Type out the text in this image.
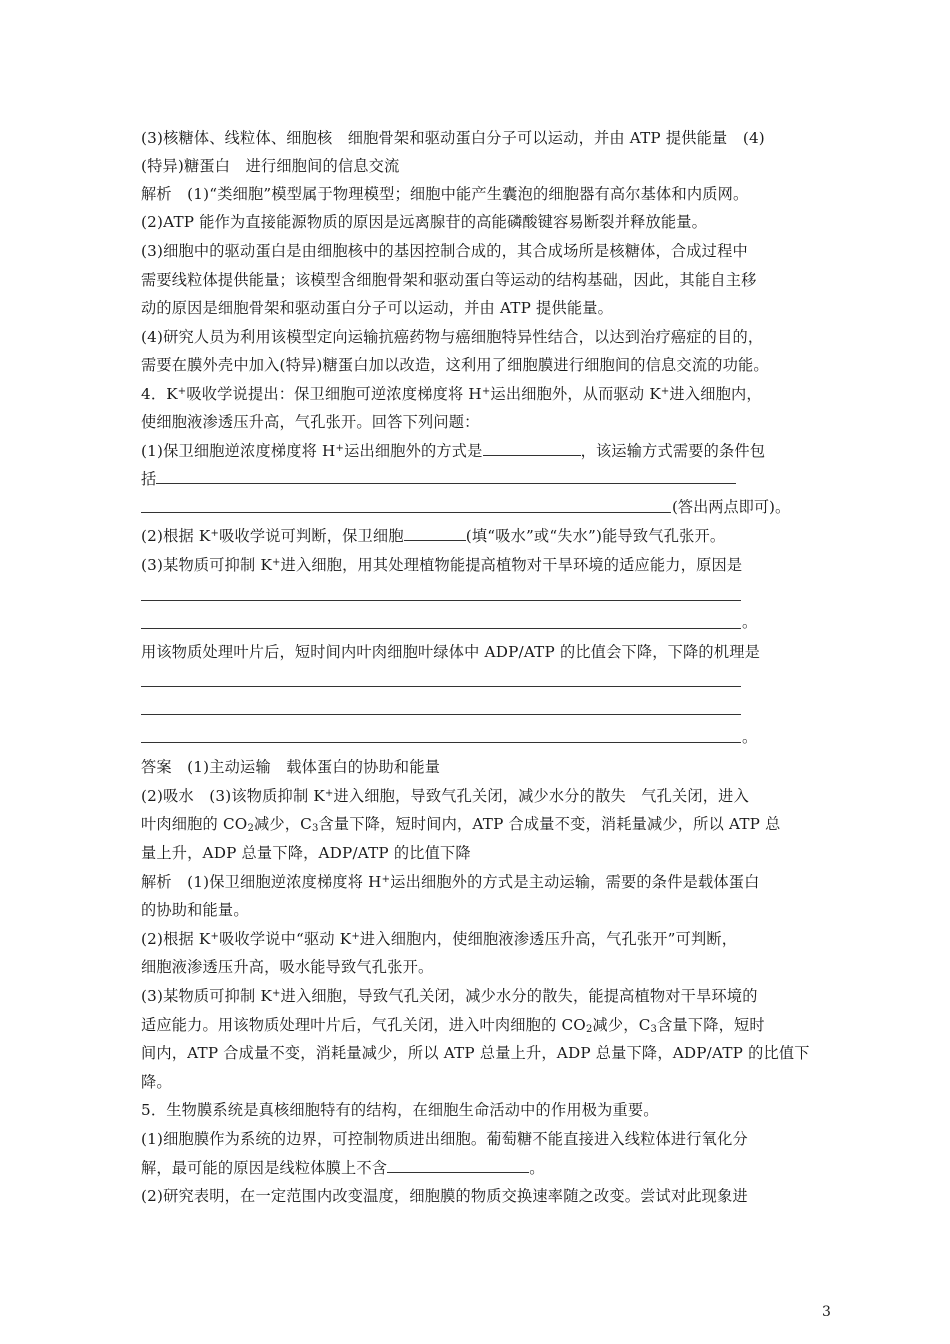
(3)核糖体、线粒体、细胞核　细胞骨架和驱动蛋白分子可以运动，并由 ATP 提供能量　(4)
(特异)糖蛋白　进行细胞间的信息交流
解析　(1)“类细胞”模型属于物理模型；细胞中能产生囊泡的细胞器有高尔基体和内质网。
(2)ATP 能作为直接能源物质的原因是远离腺苷的高能磷酸键容易断裂并释放能量。
(3)细胞中的驱动蛋白是由细胞核中的基因控制合成的，其合成场所是核糖体，合成过程中
需要线粒体提供能量；该模型含细胞骨架和驱动蛋白等运动的结构基础，因此，其能自主移
动的原因是细胞骨架和驱动蛋白分子可以运动，并由 ATP 提供能量。
(4)研究人员为利用该模型定向运输抗癌药物与癌细胞特异性结合，以达到治疗癌症的目的，
需要在膜外壳中加入(特异)糖蛋白加以改造，这利用了细胞膜进行细胞间的信息交流的功能。
4．K+吸收学说提出：保卫细胞可逆浓度梯度将 H+运出细胞外，从而驱动 K+进入细胞内，
使细胞液渗透压升高，气孔张开。回答下列问题：
(1)保卫细胞逆浓度梯度将 H+运出细胞外的方式是	，该运输方式需要的条件包
括
(答出两点即可)。
(2)根据 K+吸收学说可判断，保卫细胞	(填“吸水”或“失水”)能导致气孔张开。
(3)某物质可抑制 K+进入细胞，用其处理植物能提高植物对干旱环境的适应能力，原因是
。
用该物质处理叶片后，短时间内叶肉细胞叶绿体中 ADP/ATP 的比值会下降，下降的机理是
。
答案　(1)主动运输　载体蛋白的协助和能量
(2)吸水　(3)该物质抑制 K+进入细胞，导致气孔关闭，减少水分的散失　气孔关闭，进入
叶肉细胞的 $CO_2$减少，$C_3$含量下降，短时间内，ATP 合成量不变，消耗量减少，所以 ATP 总
量上升，ADP 总量下降，ADP/ATP 的比值下降
解析　(1)保卫细胞逆浓度梯度将 H+运出细胞外的方式是主动运输，需要的条件是载体蛋白
的协助和能量。
(2)根据 K+吸收学说中“驱动 K+进入细胞内，使细胞液渗透压升高，气孔张开”可判断，
细胞液渗透压升高，吸水能导致气孔张开。
(3)某物质可抑制 K+进入细胞，导致气孔关闭，减少水分的散失，能提高植物对干旱环境的
适应能力。用该物质处理叶片后，气孔关闭，进入叶肉细胞的 $CO_2$减少，$C_3$含量下降，短时
间内，ATP 合成量不变，消耗量减少，所以 ATP 总量上升，ADP 总量下降，ADP/ATP 的比值下
降。
5．生物膜系统是真核细胞特有的结构，在细胞生命活动中的作用极为重要。
(1)细胞膜作为系统的边界，可控制物质进出细胞。葡萄糖不能直接进入线粒体进行氧化分
解，最可能的原因是线粒体膜上不含	。
(2)研究表明，在一定范围内改变温度，细胞膜的物质交换速率随之改变。尝试对此现象进
3
